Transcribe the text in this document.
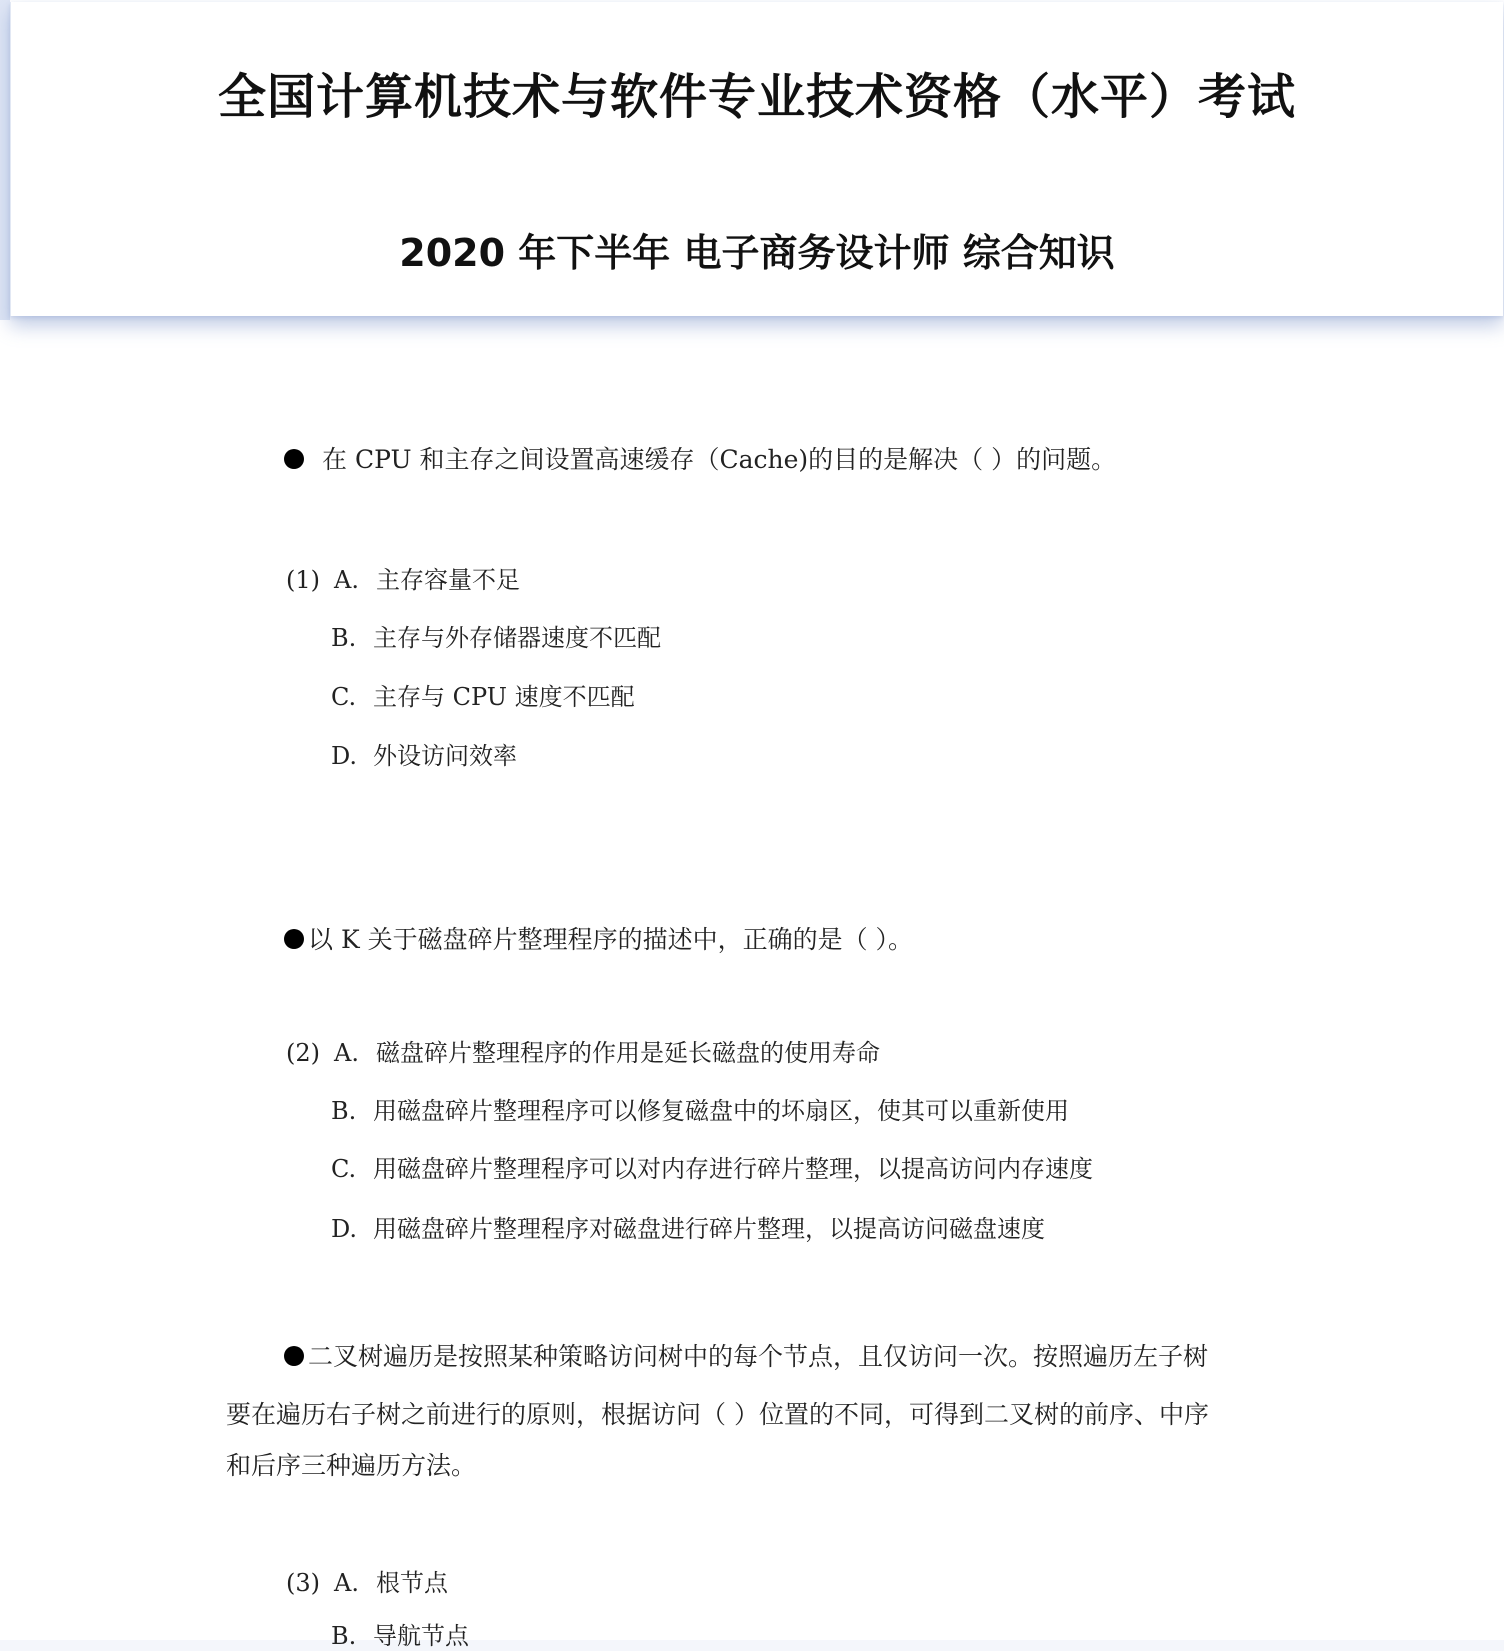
全国计算机技术与软件专业技术资格（水平）考试
2020 年下半年 电子商务设计师 综合知识
在 CPU 和主存之间设置高速缓存（Cache)的目的是解决（ ）的问题。
(1) A. 主存容量不足
B. 主存与外存储器速度不匹配
C. 主存与 CPU 速度不匹配
D. 外设访问效率
以 K 关于磁盘碎片整理程序的描述中，正确的是（ ）。
(2) A. 磁盘碎片整理程序的作用是延长磁盘的使用寿命
B. 用磁盘碎片整理程序可以修复磁盘中的坏扇区，使其可以重新使用
C. 用磁盘碎片整理程序可以对内存进行碎片整理，以提高访问内存速度
D. 用磁盘碎片整理程序对磁盘进行碎片整理，以提高访问磁盘速度
二叉树遍历是按照某种策略访问树中的每个节点，且仅访问一次。按照遍历左子树
要在遍历右子树之前进行的原则，根据访问（ ）位置的不同，可得到二叉树的前序、中序
和后序三种遍历方法。
(3) A. 根节点
B. 导航节点
